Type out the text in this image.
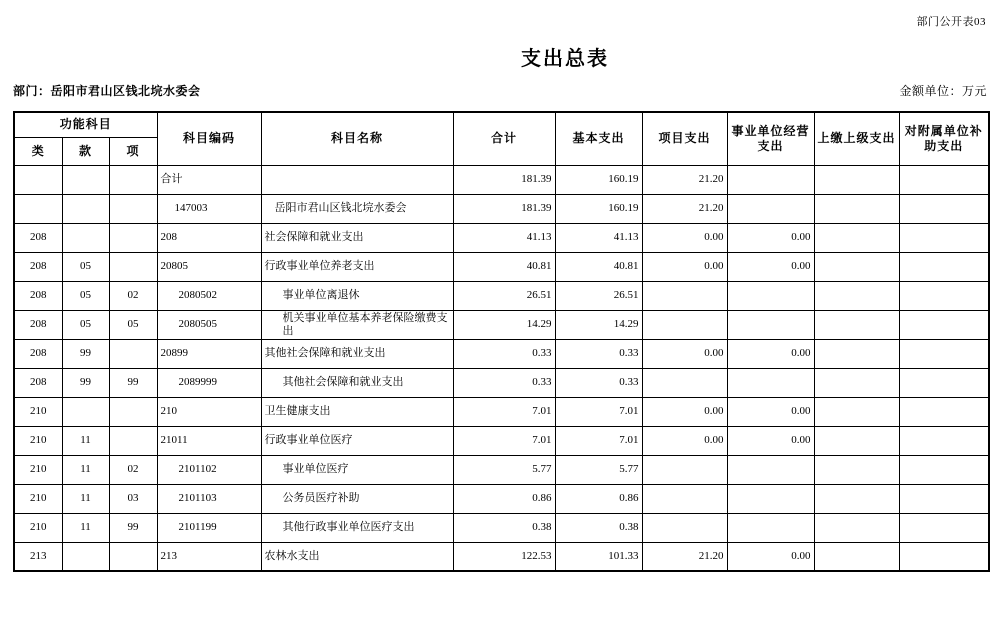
部门公开表03
支出总表
部门：岳阳市君山区钱北垸水委会	金额单位：万元
功能科目			科目编码	科目名称	合计	基本支出	项目支出	事业单位经营支出	上缴上级支出	对附属单位补助支出
类	款	项								
			合计		181.39	160.19	21.20			
			147003	岳阳市君山区钱北垸水委会	181.39	160.19	21.20			
208			208	社会保障和就业支出	41.13	41.13	0.00	0.00		
208	05		20805	行政事业单位养老支出	40.81	40.81	0.00	0.00		
208	05	02	2080502	事业单位离退休	26.51	26.51				
208	05	05	2080505	机关事业单位基本养老保险缴费支出	14.29	14.29				
208	99		20899	其他社会保障和就业支出	0.33	0.33	0.00	0.00		
208	99	99	2089999	其他社会保障和就业支出	0.33	0.33				
210			210	卫生健康支出	7.01	7.01	0.00	0.00		
210	11		21011	行政事业单位医疗	7.01	7.01	0.00	0.00		
210	11	02	2101102	事业单位医疗	5.77	5.77				
210	11	03	2101103	公务员医疗补助	0.86	0.86				
210	11	99	2101199	其他行政事业单位医疗支出	0.38	0.38				
213			213	农林水支出	122.53	101.33	21.20	0.00		
